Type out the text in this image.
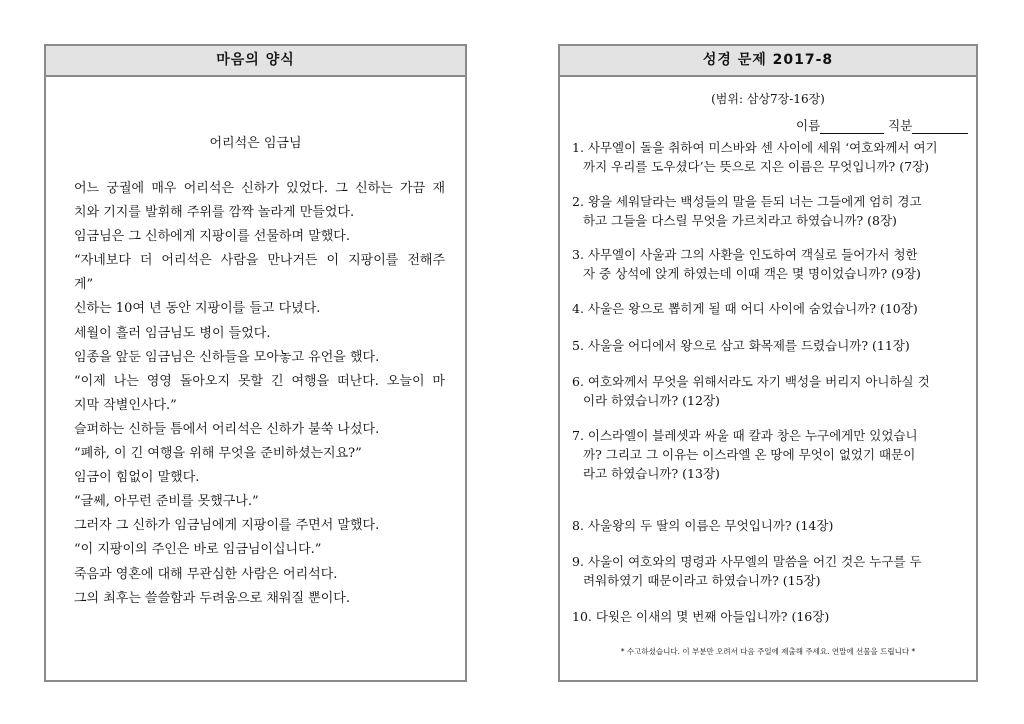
마음의 양식
어리석은 임금님
어느 궁궐에 매우 어리석은 신하가 있었다. 그 신하는 가끔 재
치와 기지를 발휘해 주위를 깜짝 놀라게 만들었다.
임금님은 그 신하에게 지팡이를 선물하며 말했다.
“자네보다 더 어리석은 사람을 만나거든 이 지팡이를 전해주
게”
신하는 10여 년 동안 지팡이를 들고 다녔다.
세월이 흘러 임금님도 병이 들었다.
임종을 앞둔 임금님은 신하들을 모아놓고 유언을 했다.
“이제 나는 영영 돌아오지 못할 긴 여행을 떠난다. 오늘이 마
지막 작별인사다.”
슬퍼하는 신하들 틈에서 어리석은 신하가 불쑥 나섰다.
“폐하, 이 긴 여행을 위해 무엇을 준비하셨는지요?”
임금이 힘없이 말했다.
“글쎄, 아무런 준비를 못했구나.”
그러자 그 신하가 임금님에게 지팡이를 주면서 말했다.
“이 지팡이의 주인은 바로 임금님이십니다.”
죽음과 영혼에 대해 무관심한 사람은 어리석다.
그의 최후는 쓸쓸함과 두려움으로 채워질 뿐이다.
성경 문제 2017-8
(범위: 삼상7장-16장)
이름	직분
1. 사무엘이 돌을 취하여 미스바와 센 사이에 세워 ‘여호와께서 여기
까지 우리를 도우셨다’는 뜻으로 지은 이름은 무엇입니까? (7장)
2. 왕을 세워달라는 백성들의 말을 듣되 너는 그들에게 엄히 경고
하고 그들을 다스릴 무엇을 가르치라고 하였습니까? (8장)
3. 사무엘이 사울과 그의 사환을 인도하여 객실로 들어가서 청한
자 중 상석에 앉게 하였는데 이때 객은 몇 명이었습니까? (9장)
4. 사울은 왕으로 뽑히게 될 때 어디 사이에 숨었습니까? (10장)
5. 사울을 어디에서 왕으로 삼고 화목제를 드렸습니까? (11장)
6. 여호와께서 무엇을 위해서라도 자기 백성을 버리지 아니하실 것
이라 하였습니까? (12장)
7. 이스라엘이 블레셋과 싸울 때 칼과 창은 누구에게만 있었습니
까? 그리고 그 이유는 이스라엘 온 땅에 무엇이 없었기 때문이
라고 하였습니까? (13장)
8. 사울왕의 두 딸의 이름은 무엇입니까? (14장)
9. 사울이 여호와의 명령과 사무엘의 말씀을 어긴 것은 누구를 두
려워하였기 때문이라고 하였습니까? (15장)
10. 다윗은 이새의 몇 번째 아들입니까? (16장)
* 수고하셨습니다. 이 부분만 오려서 다음 주일에 제출해 주세요. 연말에 선물을 드립니다 *
